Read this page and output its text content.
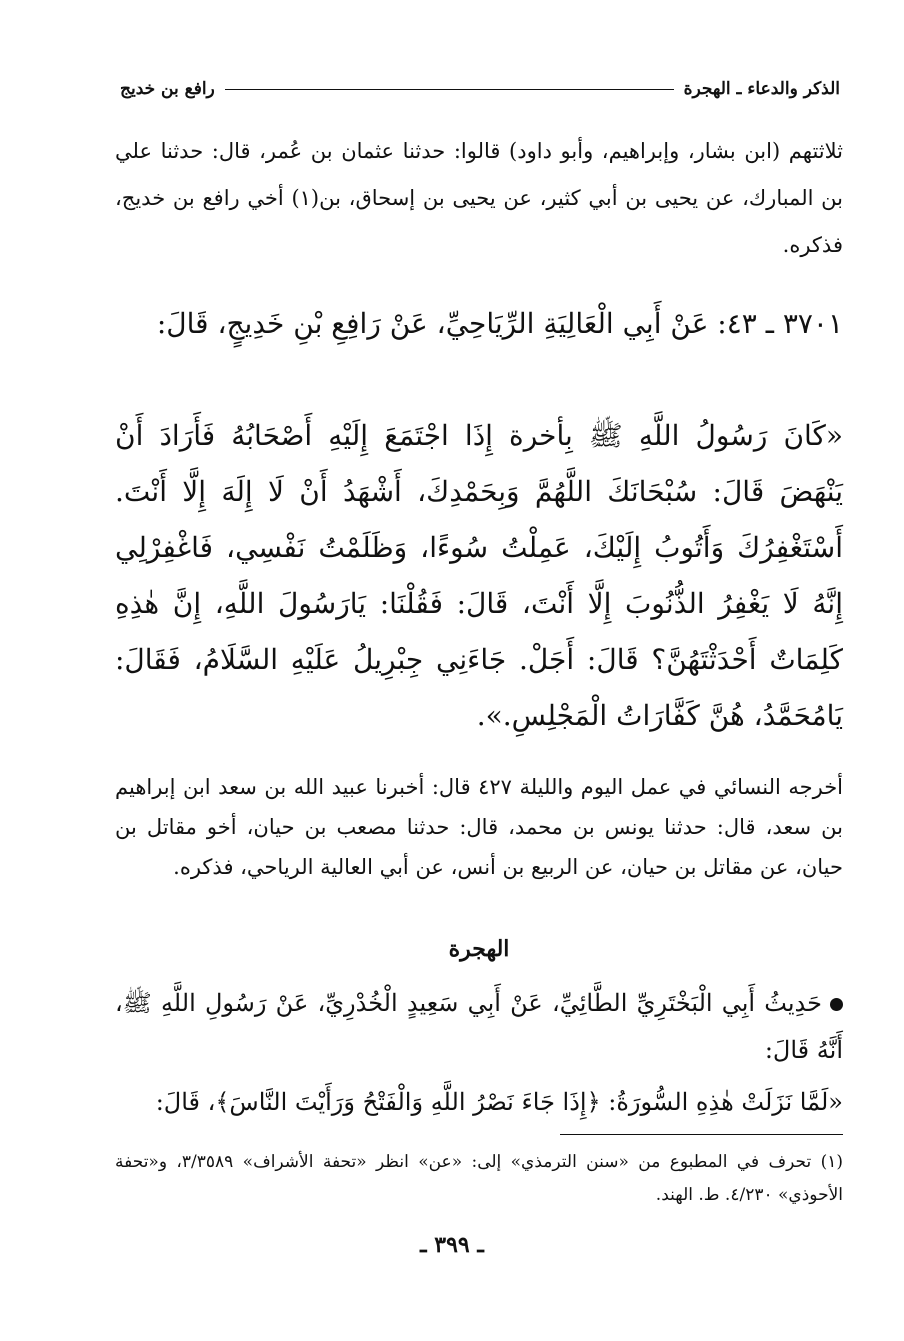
الذكر والدعاء ـ الهجرة
رافع بن خديج
ثلاثتهم (ابن بشار، وإبراهيم، وأبو داود) قالوا: حدثنا عثمان بن عُمر، قال: حدثنا علي بن المبارك، عن يحيى بن أبي كثير، عن يحيى بن إسحاق، بن(١) أخي رافع بن خديج، فذكره.
٣٧٠١ ـ ٤٣: عَنْ أَبِي الْعَالِيَةِ الرِّيَاحِيِّ، عَنْ رَافِعِ بْنِ خَدِيجٍ، قَالَ:
«كَانَ رَسُولُ اللَّهِ ﷺ بِأخرة إِذَا اجْتَمَعَ إِلَيْهِ أَصْحَابُهُ فَأَرَادَ أَنْ يَنْهَضَ قَالَ: سُبْحَانَكَ اللَّهُمَّ وَبِحَمْدِكَ، أَشْهَدُ أَنْ لَا إِلَهَ إِلَّا أَنْتَ. أَسْتَغْفِرُكَ وَأَتُوبُ إِلَيْكَ، عَمِلْتُ سُوءًا، وَظَلَمْتُ نَفْسِي، فَاغْفِرْلِي إِنَّهُ لَا يَغْفِرُ الذُّنُوبَ إِلَّا أَنْتَ، قَالَ: فَقُلْنَا: يَارَسُولَ اللَّهِ، إِنَّ هٰذِهِ كَلِمَاتٌ أَحْدَثْتَهُنَّ؟ قَالَ: أَجَلْ. جَاءَنِي جِبْرِيلُ عَلَيْهِ السَّلَامُ، فَقَالَ: يَامُحَمَّدُ، هُنَّ كَفَّارَاتُ الْمَجْلِسِ.».
أخرجه النسائي في عمل اليوم والليلة ٤٢٧ قال: أخبرنا عبيد الله بن سعد ابن إبراهيم بن سعد، قال: حدثنا يونس بن محمد، قال: حدثنا مصعب بن حيان، أخو مقاتل بن حيان، عن مقاتل بن حيان، عن الربيع بن أنس، عن أبي العالية الرياحي، فذكره.
الهجرة
حَدِيثُ أَبِي الْبَخْتَرِيِّ الطَّائِيِّ، عَنْ أَبِي سَعِيدٍ الْخُدْرِيِّ، عَنْ رَسُولِ اللَّهِ ﷺ، أَنَّهُ قَالَ:
«لَمَّا نَزَلَتْ هٰذِهِ السُّورَةُ: ﴿إِذَا جَاءَ نَصْرُ اللَّهِ وَالْفَتْحُ وَرَأَيْتَ النَّاسَ﴾، قَالَ:
(١) تحرف في المطبوع من «سنن الترمذي» إلى: «عن» انظر «تحفة الأشراف» ٣/٣٥٨٩، و«تحفة الأحوذي» ٤/٢٣٠. ط. الهند.
ـ ٣٩٩ ـ
